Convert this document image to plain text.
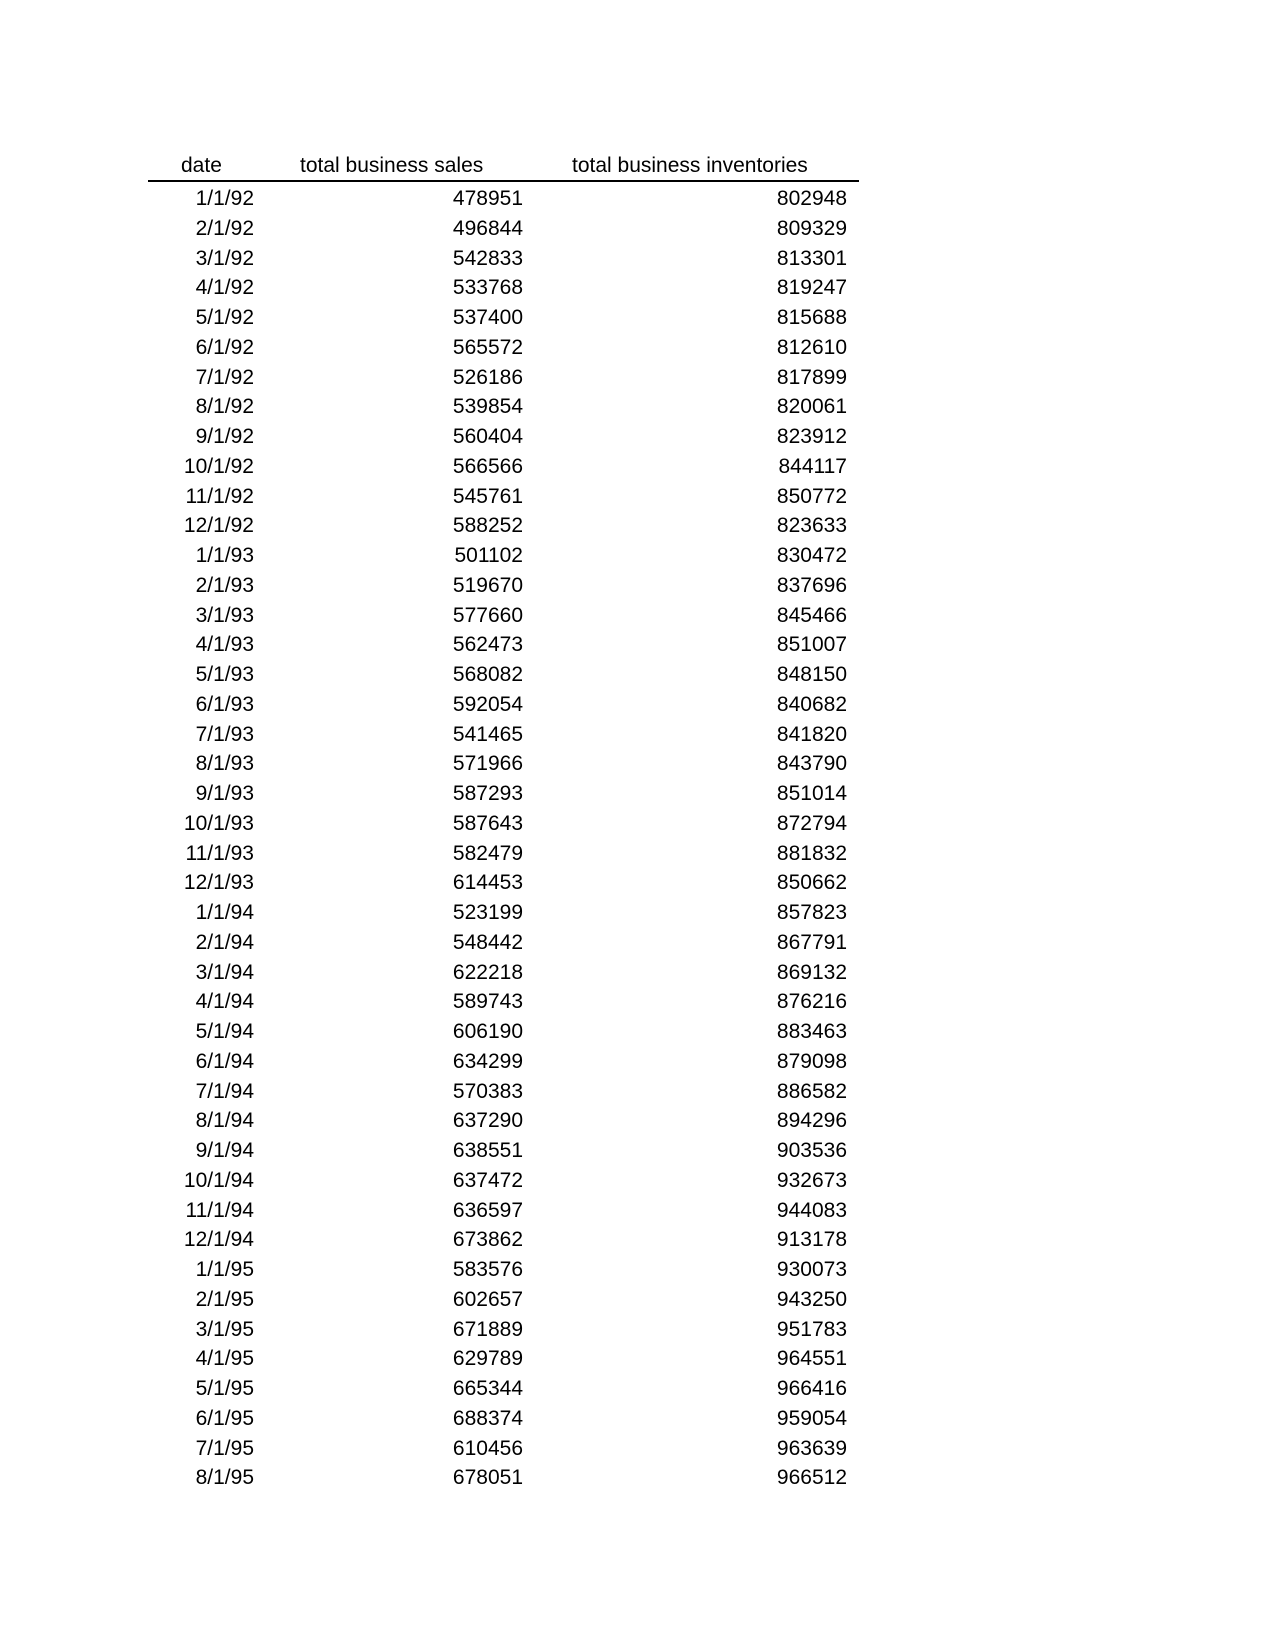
date	total business sales	total business inventories
1/1/92	478951	802948
2/1/92	496844	809329
3/1/92	542833	813301
4/1/92	533768	819247
5/1/92	537400	815688
6/1/92	565572	812610
7/1/92	526186	817899
8/1/92	539854	820061
9/1/92	560404	823912
10/1/92	566566	844117
11/1/92	545761	850772
12/1/92	588252	823633
1/1/93	501102	830472
2/1/93	519670	837696
3/1/93	577660	845466
4/1/93	562473	851007
5/1/93	568082	848150
6/1/93	592054	840682
7/1/93	541465	841820
8/1/93	571966	843790
9/1/93	587293	851014
10/1/93	587643	872794
11/1/93	582479	881832
12/1/93	614453	850662
1/1/94	523199	857823
2/1/94	548442	867791
3/1/94	622218	869132
4/1/94	589743	876216
5/1/94	606190	883463
6/1/94	634299	879098
7/1/94	570383	886582
8/1/94	637290	894296
9/1/94	638551	903536
10/1/94	637472	932673
11/1/94	636597	944083
12/1/94	673862	913178
1/1/95	583576	930073
2/1/95	602657	943250
3/1/95	671889	951783
4/1/95	629789	964551
5/1/95	665344	966416
6/1/95	688374	959054
7/1/95	610456	963639
8/1/95	678051	966512
